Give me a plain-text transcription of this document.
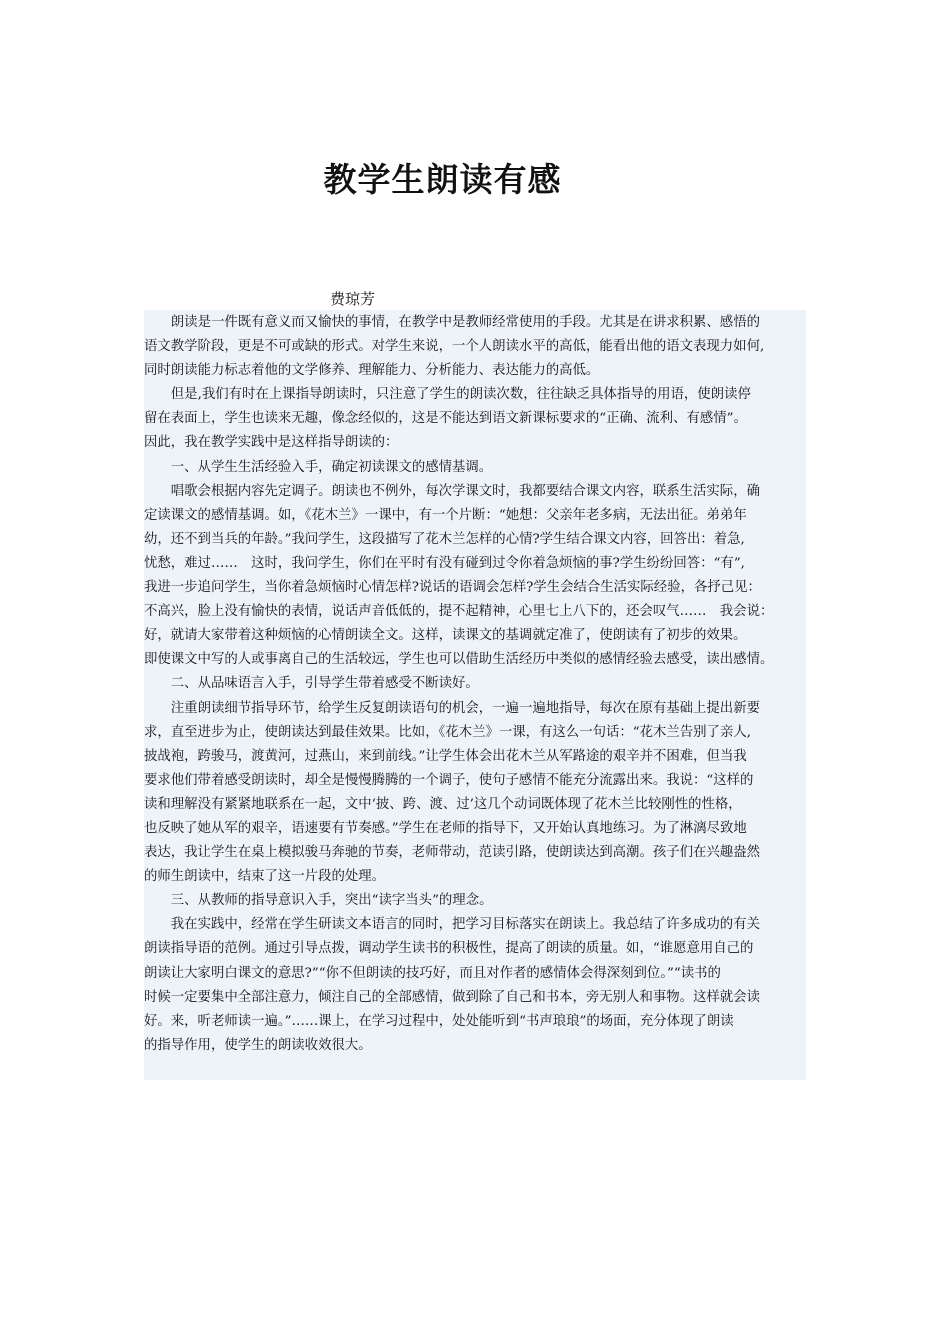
教学生朗读有感
费琼芳
朗读是一件既有意义而又愉快的事情，在教学中是教师经常使用的手段。尤其是在讲求积累、感悟的
语文教学阶段，更是不可或缺的形式。对学生来说，一个人朗读水平的高低，能看出他的语文表现力如何,
同时朗读能力标志着他的文学修养、理解能力、分析能力、表达能力的高低。
但是,我们有时在上课指导朗读时，只注意了学生的朗读次数，往往缺乏具体指导的用语，使朗读停
留在表面上，学生也读来无趣，像念经似的，这是不能达到语文新课标要求的“正确、流利、有感情”。
因此，我在教学实践中是这样指导朗读的：
一、从学生生活经验入手，确定初读课文的感情基调。
唱歌会根据内容先定调子。朗读也不例外，每次学课文时，我都要结合课文内容，联系生活实际，确
定读课文的感情基调。如，《花木兰》一课中，有一个片断：“她想：父亲年老多病，无法出征。弟弟年
幼，还不到当兵的年龄。”我问学生，这段描写了花木兰怎样的心情?学生结合课文内容，回答出：着急,
忧愁，难过……　这时，我问学生，你们在平时有没有碰到过令你着急烦恼的事?学生纷纷回答：“有”,
我进一步追问学生，当你着急烦恼时心情怎样?说话的语调会怎样?学生会结合生活实际经验，各抒己见：
不高兴，脸上没有愉快的表情，说话声音低低的，提不起精神，心里七上八下的，还会叹气……　我会说：
好，就请大家带着这种烦恼的心情朗读全文。这样，读课文的基调就定准了，使朗读有了初步的效果。
即使课文中写的人或事离自己的生活较远，学生也可以借助生活经历中类似的感情经验去感受，读出感情。
二、从品味语言入手，引导学生带着感受不断读好。
注重朗读细节指导环节，给学生反复朗读语句的机会，一遍一遍地指导，每次在原有基础上提出新要
求，直至进步为止，使朗读达到最佳效果。比如，《花木兰》一课，有这么一句话：“花木兰告别了亲人,
披战袍，跨骏马，渡黄河，过燕山，来到前线。”让学生体会出花木兰从军路途的艰辛并不困难，但当我
要求他们带着感受朗读时，却全是慢慢腾腾的一个调子，使句子感情不能充分流露出来。我说：“这样的
读和理解没有紧紧地联系在一起，文中‘披、跨、渡、过’这几个动词既体现了花木兰比较刚性的性格，
也反映了她从军的艰辛，语速要有节奏感。”学生在老师的指导下，又开始认真地练习。为了淋漓尽致地
表达，我让学生在桌上模拟骏马奔驰的节奏，老师带动，范读引路，使朗读达到高潮。孩子们在兴趣盎然
的师生朗读中，结束了这一片段的处理。
三、从教师的指导意识入手，突出“读字当头”的理念。
我在实践中，经常在学生研读文本语言的同时，把学习目标落实在朗读上。我总结了许多成功的有关
朗读指导语的范例。通过引导点拨，调动学生读书的积极性，提高了朗读的质量。如，“谁愿意用自己的
朗读让大家明白课文的意思?”“你不但朗读的技巧好，而且对作者的感情体会得深刻到位。”“读书的
时候一定要集中全部注意力，倾注自己的全部感情，做到除了自己和书本，旁无别人和事物。这样就会读
好。来，听老师读一遍。”……课上，在学习过程中，处处能听到“书声琅琅”的场面，充分体现了朗读
的指导作用，使学生的朗读收效很大。
